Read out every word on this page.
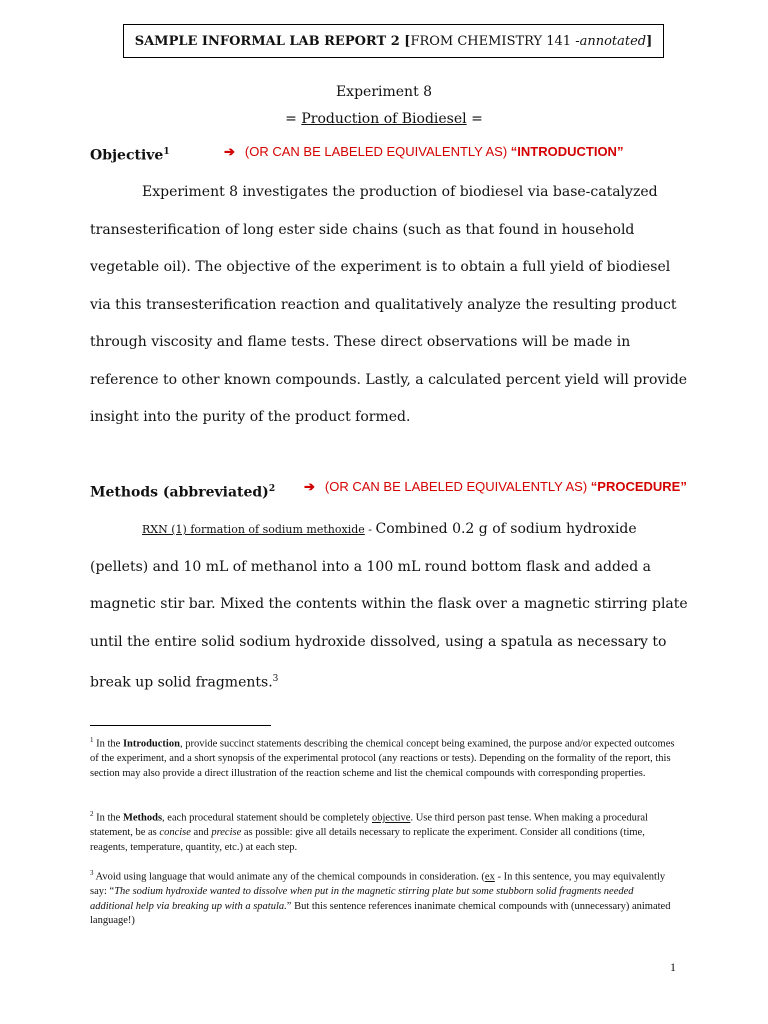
SAMPLE INFORMAL LAB REPORT 2 [ FROM CHEMISTRY 141 - annotated ]
Experiment 8
= Production of Biodiesel =
Objective$^1$	➔ (OR CAN BE LABELED EQUIVALENTLY AS) “INTRODUCTION”
Experiment 8 investigates the production of biodiesel via base-catalyzed transesterification of long ester side chains (such as that found in household vegetable oil). The objective of the experiment is to obtain a full yield of biodiesel via this transesterification reaction and qualitatively analyze the resulting product through viscosity and flame tests. These direct observations will be made in reference to other known compounds. Lastly, a calculated percent yield will provide insight into the purity of the product formed.
Methods (abbreviated)$^2$ ➔ (OR CAN BE LABELED EQUIVALENTLY AS) “PROCEDURE”
RXN (1) formation of sodium methoxide - Combined 0.2 g of sodium hydroxide (pellets) and 10 mL of methanol into a 100 mL round bottom flask and added a magnetic stir bar. Mixed the contents within the flask over a magnetic stirring plate until the entire solid sodium hydroxide dissolved, using a spatula as necessary to break up solid fragments.$^3$
$^1$ In the Introduction, provide succinct statements describing the chemical concept being examined, the purpose and/or expected outcomes of the experiment, and a short synopsis of the experimental protocol (any reactions or tests). Depending on the formality of the report, this section may also provide a direct illustration of the reaction scheme and list the chemical compounds with corresponding properties.
$^2$ In the Methods, each procedural statement should be completely objective. Use third person past tense. When making a procedural statement, be as concise and precise as possible: give all details necessary to replicate the experiment. Consider all conditions (time, reagents, temperature, quantity, etc.) at each step.
$^3$ Avoid using language that would animate any of the chemical compounds in consideration. (ex - In this sentence, you may equivalently say: “The sodium hydroxide wanted to dissolve when put in the magnetic stirring plate but some stubborn solid fragments needed additional help via breaking up with a spatula.” But this sentence references inanimate chemical compounds with (unnecessary) animated language!)
1
